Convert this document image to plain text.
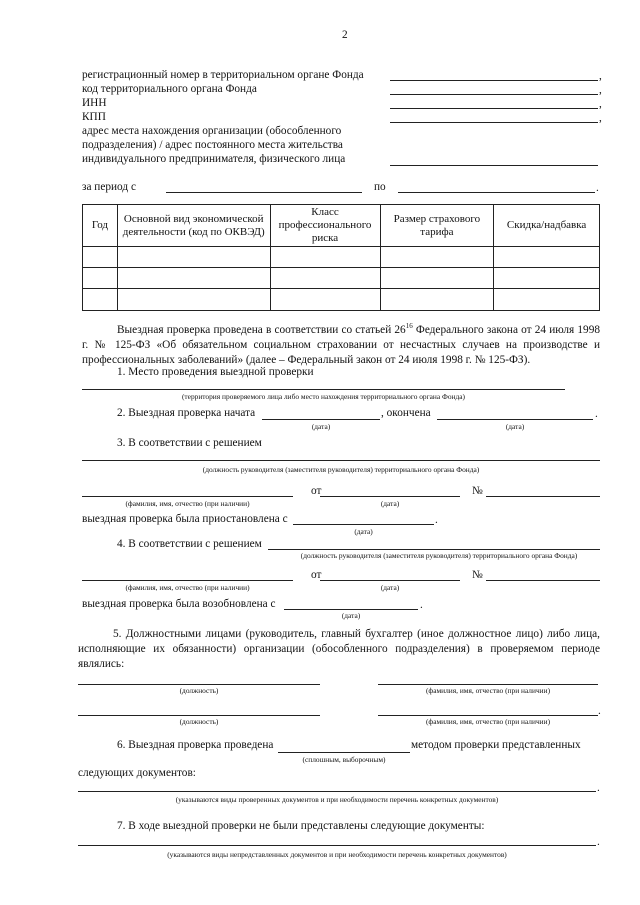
2
регистрационный номер в территориальном органе Фонда
код территориального органа Фонда
ИНН
КПП
адрес места нахождения организации (обособленного
подразделения) / адрес постоянного места жительства
индивидуального предпринимателя, физического лица
,
,
,
,
за период с	по	.
Год	Основной вид экономической деятельности (код по ОКВЭД)	Класс профессионального риска	Размер страхового тарифа	Скидка/надбавка

Выездная проверка проведена в соответствии со статьей $26^{16}$ Федерального закона от 24 июля 1998 г. № 125-ФЗ «Об обязательном социальном страховании от несчастных случаев на производстве и профессиональных заболеваний» (далее – Федеральный закон от 24 июля 1998 г. № 125-ФЗ).
1. Место проведения выездной проверки
(территория проверяемого лица либо место нахождения территориального органа Фонда)
2. Выездная проверка начата	, окончена	.
(дата)	(дата)
3. В соответствии с решением
(должность руководителя (заместителя руководителя) территориального органа Фонда)
от	№
(фамилия, имя, отчество (при наличии)	(дата)
выездная проверка была приостановлена с	.
(дата)
4. В соответствии с решением
(должность руководителя (заместителя руководителя) территориального органа Фонда)
от	№
(фамилия, имя, отчество (при наличии)	(дата)
выездная проверка была возобновлена с	.
(дата)
5. Должностными лицами (руководитель, главный бухгалтер (иное должностное лицо) либо лица, исполняющие их обязанности) организации (обособленного подразделения) в проверяемом периоде являлись:
(должность)	(фамилия, имя, отчество (при наличии)
.
(должность)	(фамилия, имя, отчество (при наличии)
6. Выездная проверка проведена	методом проверки представленных
(сплошным, выборочным)
следующих документов:
.
(указываются виды проверенных документов и при необходимости перечень конкретных документов)
7. В ходе выездной проверки не были представлены следующие документы:
.
(указываются виды непредставленных документов и при необходимости перечень конкретных документов)
